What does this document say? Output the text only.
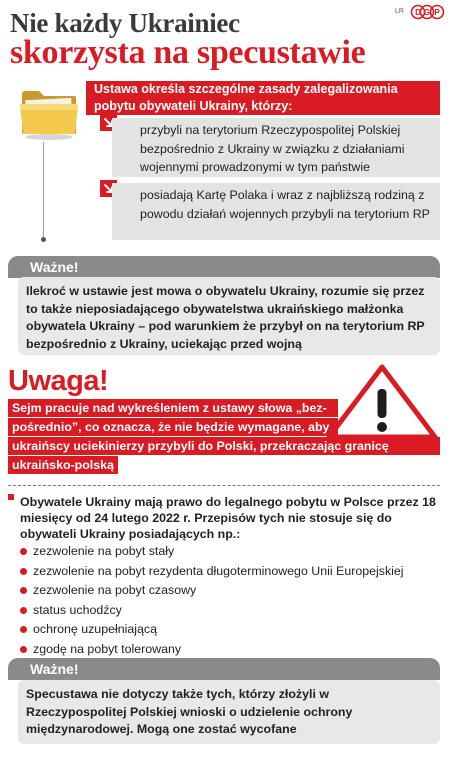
Nie każdy Ukrainiec
skorzysta na specustawie
LR D G P
Ustawa określa szczególne zasady zalegalizowania pobytu obywateli Ukrainy, którzy:
przybyli na terytorium Rzeczypospolitej Polskiej bezpośrednio z Ukrainy w związku z działaniami wojennymi prowadzonymi w tym państwie
posiadają Kartę Polaka i wraz z najbliższą rodziną z powodu działań wojennych przybyli na terytorium RP
Ważne!
Ilekroć w ustawie jest mowa o obywatelu Ukrainy, rozumie się przez to także nieposiadającego obywatelstwa ukraińskiego małżonka obywatela Ukrainy – pod warunkiem że przybył on na terytorium RP bezpośrednio z Ukrainy, uciekając przed wojną
Uwaga!
Sejm pracuje nad wykreśleniem z ustawy słowa „bez-
pośrednio”, co oznacza, że nie będzie wymagane, aby
ukraińscy uciekinierzy przybyli do Polski, przekraczając granicę
ukraińsko-polską
Obywatele Ukrainy mają prawo do legalnego pobytu w Polsce przez 18 miesięcy od 24 lutego 2022 r. Przepisów tych nie stosuje się do obywateli Ukrainy posiadających np.:
zezwolenie na pobyt stały
zezwolenie na pobyt rezydenta długoterminowego Unii Europejskiej
zezwolenie na pobyt czasowy
status uchodźcy
ochronę uzupełniającą
zgodę na pobyt tolerowany
Ważne!
Specustawa nie dotyczy także tych, którzy złożyli w Rzeczypospolitej Polskiej wnioski o udzielenie ochrony międzynarodowej. Mogą one zostać wycofane
